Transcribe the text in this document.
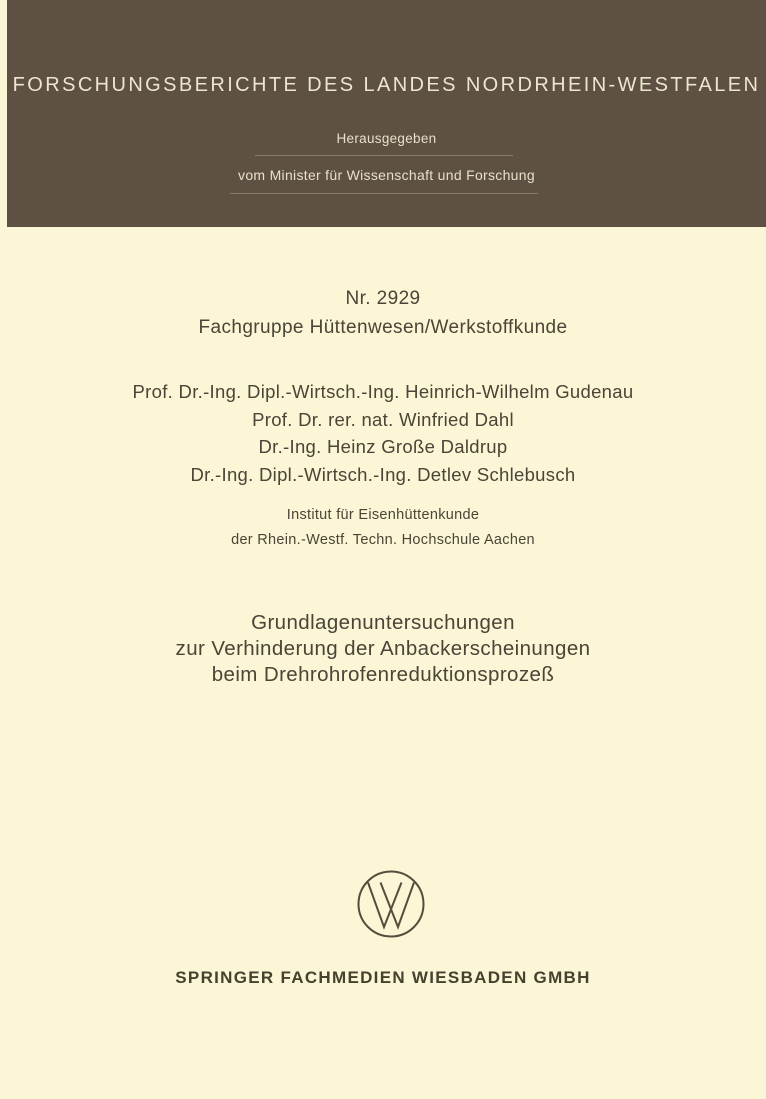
FORSCHUNGSBERICHTE DES LANDES NORDRHEIN-WESTFALEN
Herausgegeben
vom Minister für Wissenschaft und Forschung
Nr. 2929
Fachgruppe Hüttenwesen/Werkstoffkunde
Prof. Dr.-Ing. Dipl.-Wirtsch.-Ing. Heinrich-Wilhelm Gudenau
Prof. Dr. rer. nat. Winfried Dahl
Dr.-Ing. Heinz Große Daldrup
Dr.-Ing. Dipl.-Wirtsch.-Ing. Detlev Schlebusch
Institut für Eisenhüttenkunde
der Rhein.-Westf. Techn. Hochschule Aachen
Grundlagenuntersuchungen
zur Verhinderung der Anbackerscheinungen
beim Drehrohrofenreduktionsprozeß
SPRINGER FACHMEDIEN WIESBADEN GMBH
